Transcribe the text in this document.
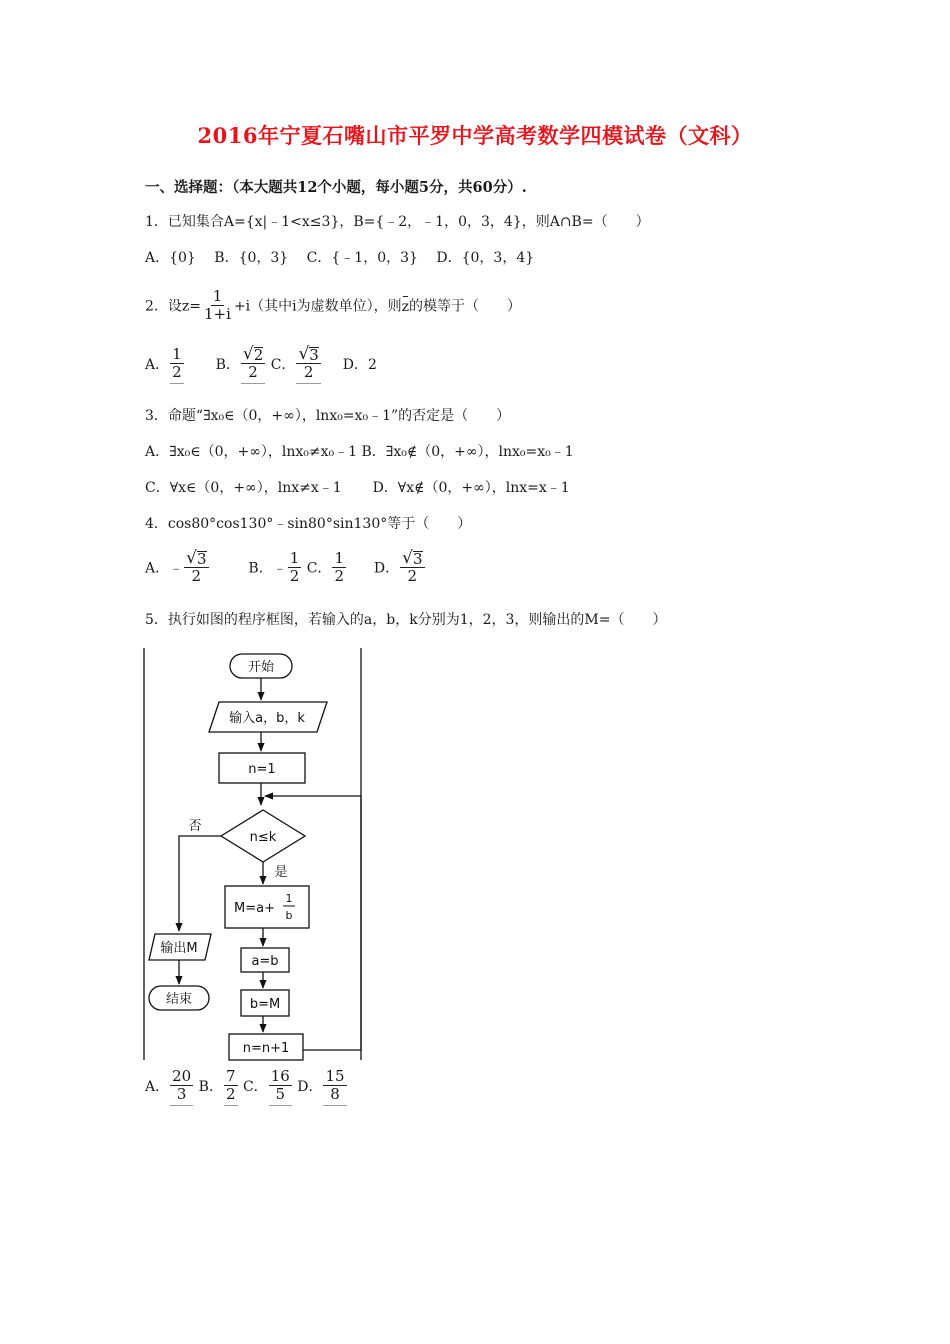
2016年宁夏石嘴山市平罗中学高考数学四模试卷（文科）
一、选择题：（本大题共12个小题，每小题5分，共60分）.
1．已知集合A={x|﹣1<x≤3}，B={﹣2，﹣1，0，3，4}，则A∩B=（　　）
A．{0} B．{0，3} C．{﹣1，0，3} D．{0，3，4}
2．设$z= \frac{1}{1+i} +i$（其中i为虚数单位），则z的模等于（　　）
A． $\frac{1}{2}$ B． $\frac{√ 2}{2}$ C． $\frac{√ 3}{2}$ D．2
3．命题“∃x₀∈（0，+∞），lnx₀=x₀﹣1”的否定是（　　）
A．∃x₀∈（0，+∞），lnx₀≠x₀﹣1 B．∃x₀∉（0，+∞），lnx₀=x₀﹣1
C．∀x∈（0，+∞），lnx≠x﹣1 D．∀x∉（0，+∞），lnx=x﹣1
4．cos80°cos130°﹣sin80°sin130°等于（　　）
A．﹣ $\frac{√ 3}{2}$	B．﹣ $\frac{1}{2}$ C． $\frac{1}{2}$ D． $\frac{√ 3}{2}$
5．执行如图的程序框图，若输入的a，b，k分别为1，2，3，则输出的M=（　　）
开始
输入a，b，k
n=1
n≤k
否
是
M=a+
1
b
a=b
b=M
n=n+1
输出M
结束
A． $\frac{20}{3}$ B． $\frac{7}{2}$ C． $\frac{16}{5}$ D． $\frac{15}{8}$
